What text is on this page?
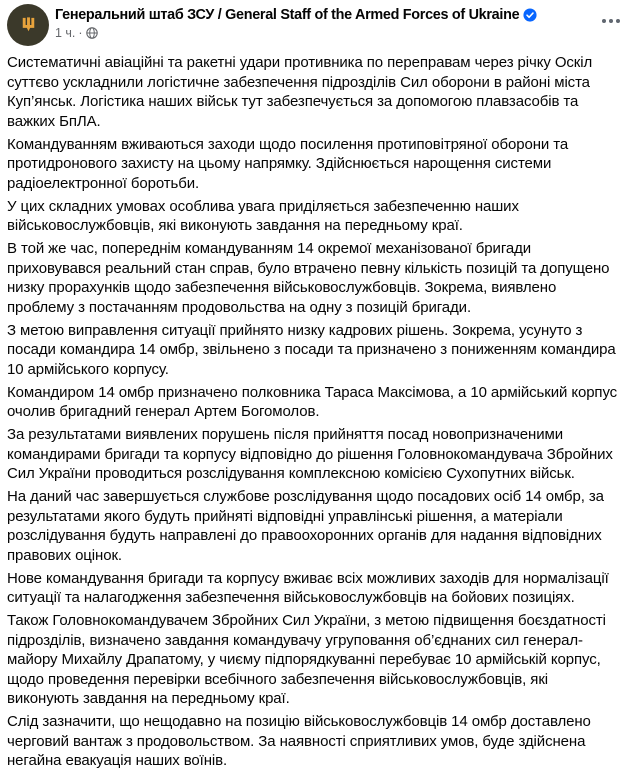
Генеральний штаб ЗСУ / General Staff of the Armed Forces of Ukraine
1 ч. ·

Систематичні авіаційні та ракетні удари противника по переправам через річку Оскіл суттєво ускладнили логістичне забезпечення підрозділів Сил оборони в районі міста Куп’янськ. Логістика наших військ тут забезпечується за допомогою плавзасобів та важких БпЛА.

Командуванням вживаються заходи щодо посилення протиповітряної оборони та протидронового захисту на цьому напрямку. Здійснюється нарощення системи радіоелектронної боротьби.

У цих складних умовах особлива увага приділяється забезпеченню наших військовослужбовців, які виконують завдання на передньому краї.

В той же час, попереднім командуванням 14 окремої механізованої бригади приховувався реальний стан справ, було втрачено певну кількість позицій та допущено низку прорахунків щодо забезпечення військовослужбовців. Зокрема, виявлено проблему з постачанням продовольства на одну з позицій бригади.

З метою виправлення ситуації прийнято низку кадрових рішень. Зокрема, усунуто з посади командира 14 омбр, звільнено з посади та призначено з пониженням командира 10 армійського корпусу.

Командиром 14 омбр призначено полковника Тараса Максімова, а 10 армійський корпус очолив бригадний генерал Артем Богомолов.

За результатами виявлених порушень після прийняття посад новопризначеними командирами бригади та корпусу відповідно до рішення Головнокомандувача Збройних Сил України проводиться розслідування комплексною комісією Сухопутних військ.

На даний час завершується службове розслідування щодо посадових осіб 14 омбр, за результатами якого будуть прийняті відповідні управлінські рішення, а матеріали розслідування будуть направлені до правоохоронних органів для надання відповідних правових оцінок.

Нове командування бригади та корпусу вживає всіх можливих заходів для нормалізації ситуації та налагодження забезпечення військовослужбовців на бойових позиціях.

Також Головнокомандувачем Збройних Сил України, з метою підвищення боєздатності підрозділів, визначено завдання командувачу угруповання об’єднаних сил генерал-майору Михайлу Драпатому, у чиєму підпорядкуванні перебуває 10 армійській корпус, щодо проведення перевірки всебічного забезпечення військовослужбовців, які виконують завдання на передньому краї.

Слід зазначити, що нещодавно на позицію військовослужбовців 14 омбр доставлено черговий вантаж з продовольством. За наявності сприятливих умов, буде здійснена негайна евакуація наших воїнів.
